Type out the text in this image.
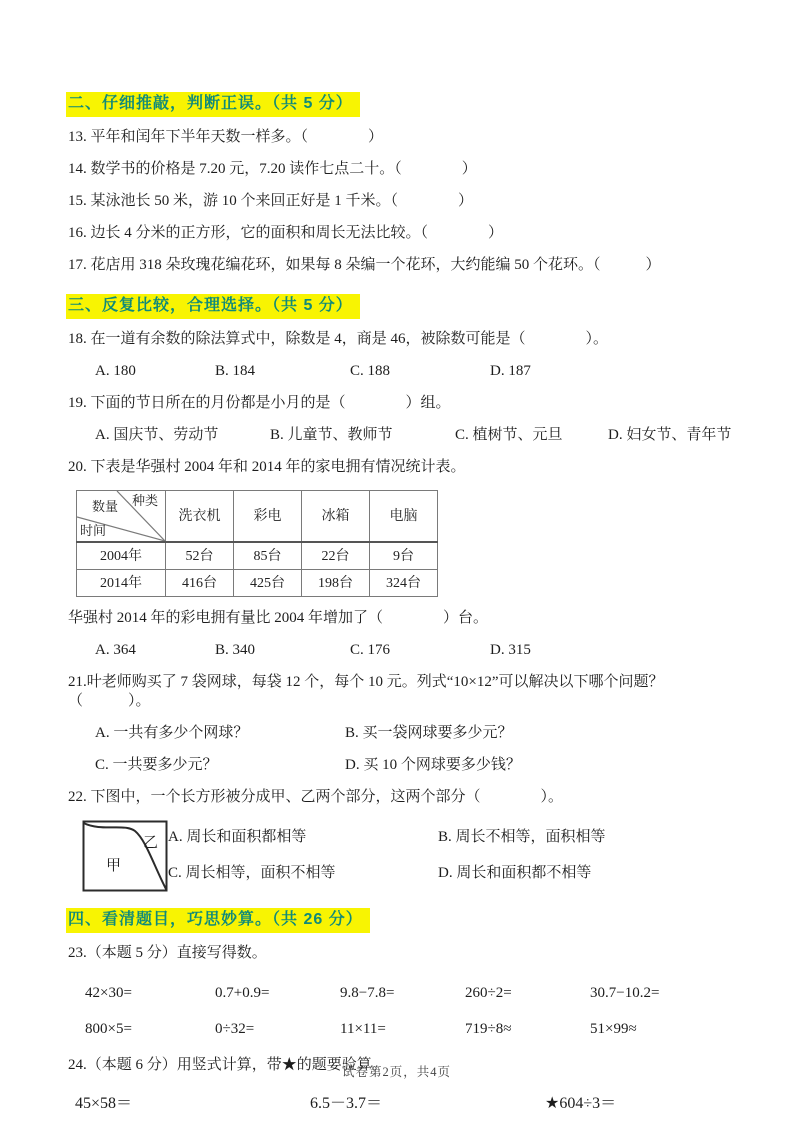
二、仔细推敲，判断正误。（共 5 分）
13. 平年和闰年下半年天数一样多。（　　　　）
14. 数学书的价格是 7.20 元，7.20 读作七点二十。（　　　　）
15. 某泳池长 50 米，游 10 个来回正好是 1 千米。（　　　　）
16. 边长 4 分米的正方形，它的面积和周长无法比较。（　　　　）
17. 花店用 318 朵玫瑰花编花环，如果每 8 朵编一个花环，大约能编 50 个花环。（　　　）
三、反复比较，合理选择。（共 5 分）
18. 在一道有余数的除法算式中，除数是 4，商是 46，被除数可能是（　　　　）。
A. 180	B. 184	C. 188	D. 187
19. 下面的节日所在的月份都是小月的是（　　　　）组。
A. 国庆节、劳动节	B. 儿童节、教师节	C. 植树节、元旦	D. 妇女节、青年节
20. 下表是华强村 2004 年和 2014 年的家电拥有情况统计表。
种类
数量
时间	洗衣机	彩电	冰箱	电脑
2004年	52台	85台	22台	9台
2014年	416台	425台	198台	324台
华强村 2014 年的彩电拥有量比 2004 年增加了（　　　　）台。
A. 364	B. 340	C. 176	D. 315
21.叶老师购买了 7 袋网球，每袋 12 个，每个 10 元。列式“10×12”可以解决以下哪个问题？（　　　）。
A. 一共有多少个网球？	B. 买一袋网球要多少元？
C. 一共要多少元？	D. 买 10 个网球要多少钱？
22. 下图中，一个长方形被分成甲、乙两个部分，这两个部分（　　　　）。
甲
乙 A. 周长和面积都相等	B. 周长不相等，面积相等
C. 周长相等，面积不相等	D. 周长和面积都不相等
四、看清题目，巧思妙算。（共 26 分）
23.（本题 5 分）直接写得数。
42×30=	0.7+0.9=	9.8−7.8=	260÷2=	30.7−10.2=
800×5=	0÷32=	11×11=	719÷8≈	51×99≈
24.（本题 6 分）用竖式计算，带★的题要验算。
45×58＝	6.5－3.7＝	★604÷3＝
试卷第2页，共4页
